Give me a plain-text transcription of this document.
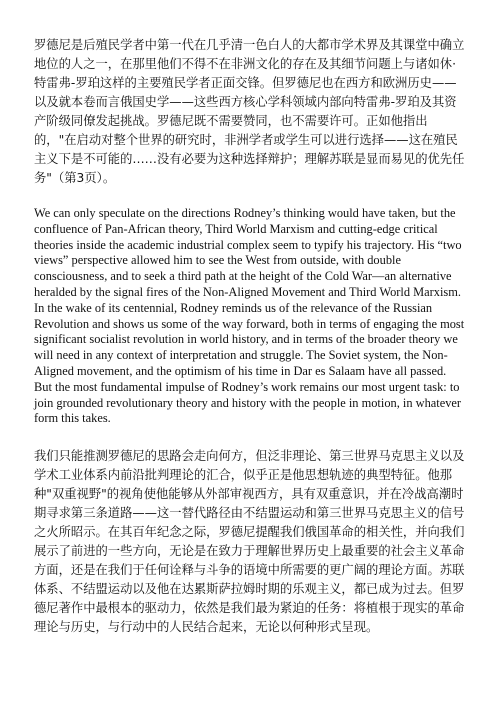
罗德尼是后殖民学者中第一代在几乎清一色白人的大都市学术界及其课堂中确立地位的人之一，在那里他们不得不在非洲文化的存在及其细节问题上与诸如休·特雷弗-罗珀这样的主要殖民学者正面交锋。但罗德尼也在西方和欧洲历史——以及就本卷而言俄国史学——这些西方核心学科领域内部向特雷弗-罗珀及其资产阶级同僚发起挑战。罗德尼既不需要赞同，也不需要许可。正如他指出的，"在启动对整个世界的研究时，非洲学者或学生可以进行选择——这在殖民主义下是不可能的……没有必要为这种选择辩护；理解苏联是显而易见的优先任务"（第3页）。

We can only speculate on the directions Rodney’s thinking would have taken, but the confluence of Pan-African theory, Third World Marxism and cutting-edge critical theories inside the academic industrial complex seem to typify his trajectory. His “two views” perspective allowed him to see the West from outside, with double consciousness, and to seek a third path at the height of the Cold War—an alternative heralded by the signal fires of the Non-Aligned Movement and Third World Marxism. In the wake of its centennial, Rodney reminds us of the relevance of the Russian Revolution and shows us some of the way forward, both in terms of engaging the most significant socialist revolution in world history, and in terms of the broader theory we will need in any context of interpretation and struggle. The Soviet system, the Non-Aligned movement, and the optimism of his time in Dar es Salaam have all passed. But the most fundamental impulse of Rodney’s work remains our most urgent task: to join grounded revolutionary theory and history with the people in motion, in whatever form this takes.

我们只能推测罗德尼的思路会走向何方，但泛非理论、第三世界马克思主义以及学术工业体系内前沿批判理论的汇合，似乎正是他思想轨迹的典型特征。他那种"双重视野"的视角使他能够从外部审视西方，具有双重意识，并在冷战高潮时期寻求第三条道路——这一替代路径由不结盟运动和第三世界马克思主义的信号之火所昭示。在其百年纪念之际，罗德尼提醒我们俄国革命的相关性，并向我们展示了前进的一些方向，无论是在致力于理解世界历史上最重要的社会主义革命方面，还是在我们于任何诠释与斗争的语境中所需要的更广阔的理论方面。苏联体系、不结盟运动以及他在达累斯萨拉姆时期的乐观主义，都已成为过去。但罗德尼著作中最根本的驱动力，依然是我们最为紧迫的任务：将植根于现实的革命理论与历史，与行动中的人民结合起来，无论以何种形式呈现。
